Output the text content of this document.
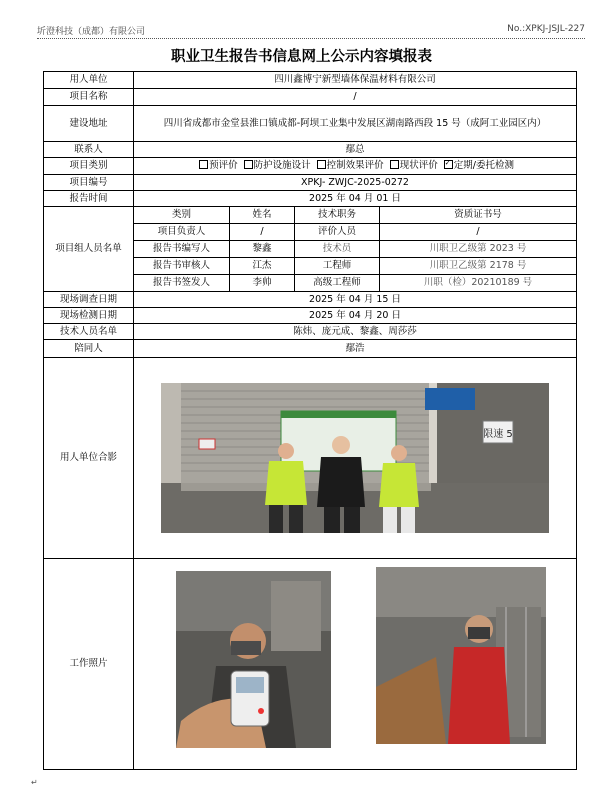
圻澄科技（成都）有限公司	No.:XPKJ-JSJL-227
职业卫生报告书信息网上公示内容填报表
用人单位	四川鑫博宁新型墙体保温材料有限公司			
项目名称	/			
建设地址	四川省成都市金堂县淮口镇成都-阿坝工业集中发展区湖南路西段 15 号（成阿工业园区内）			
联系人	鄢总			
项目类别	预评价 防护设施设计 控制效果评价 现状评价 ✓ 定期/委托检测
项目编号	XPKJ- ZWJC-2025-0272			
报告时间	2025 年 04 月 01 日			
项目组人员名单	类别	姓名	技术职务	资质证书号
	项目负责人	/	评价人员	/
	报告书编写人	黎鑫	技术员	川职卫乙级第 2023 号
	报告书审核人	江杰	工程师	川职卫乙级第 2178 号
	报告书签发人	李帅	高级工程师	川职（检）20210189 号
现场调查日期	2025 年 04 月 15 日			
现场检测日期	2025 年 04 月 20 日			
技术人员名单	陈炜、庞元成、黎鑫、周莎莎			
陪同人	鄢浩			
用人单位合影	限速 5			

工作照片	
↵
